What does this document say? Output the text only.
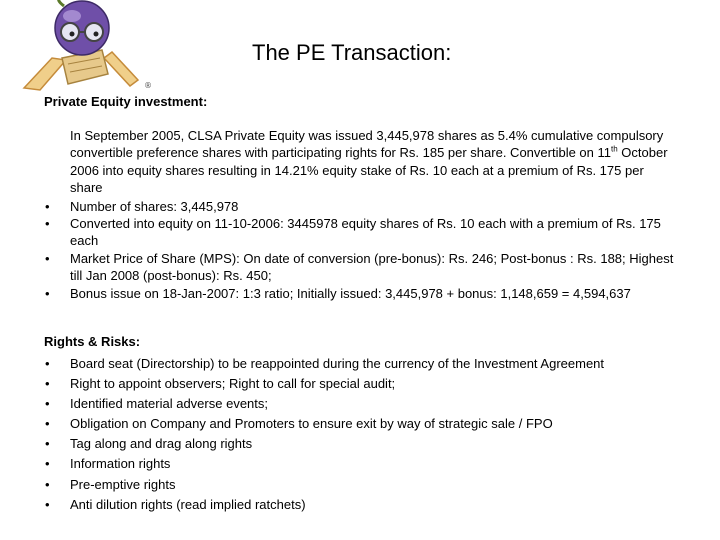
®
The PE Transaction:
Private Equity investment:
In September 2005, CLSA Private Equity was issued 3,445,978 shares as 5.4% cumulative compulsory convertible preference shares with participating rights for Rs. 185 per share. Convertible on 11th October 2006 into equity shares resulting in 14.21% equity stake of Rs. 10 each at a premium of Rs. 175 per share
• Number of shares: 3,445,978
• Converted into equity on 11-10-2006: 3445978 equity shares of Rs. 10 each with a premium of Rs. 175 each
• Market Price of Share (MPS): On date of conversion (pre-bonus): Rs. 246; Post-bonus : Rs. 188; Highest till Jan 2008 (post-bonus): Rs. 450;
• Bonus issue on 18-Jan-2007: 1:3 ratio; Initially issued: 3,445,978 + bonus: 1,148,659 = 4,594,637
Rights & Risks:
• Board seat (Directorship) to be reappointed during the currency of the Investment Agreement
• Right to appoint observers; Right to call for special audit;
• Identified material adverse events;
• Obligation on Company and Promoters to ensure exit by way of strategic sale / FPO
• Tag along and drag along rights
• Information rights
• Pre-emptive rights
• Anti dilution rights (read implied ratchets)
